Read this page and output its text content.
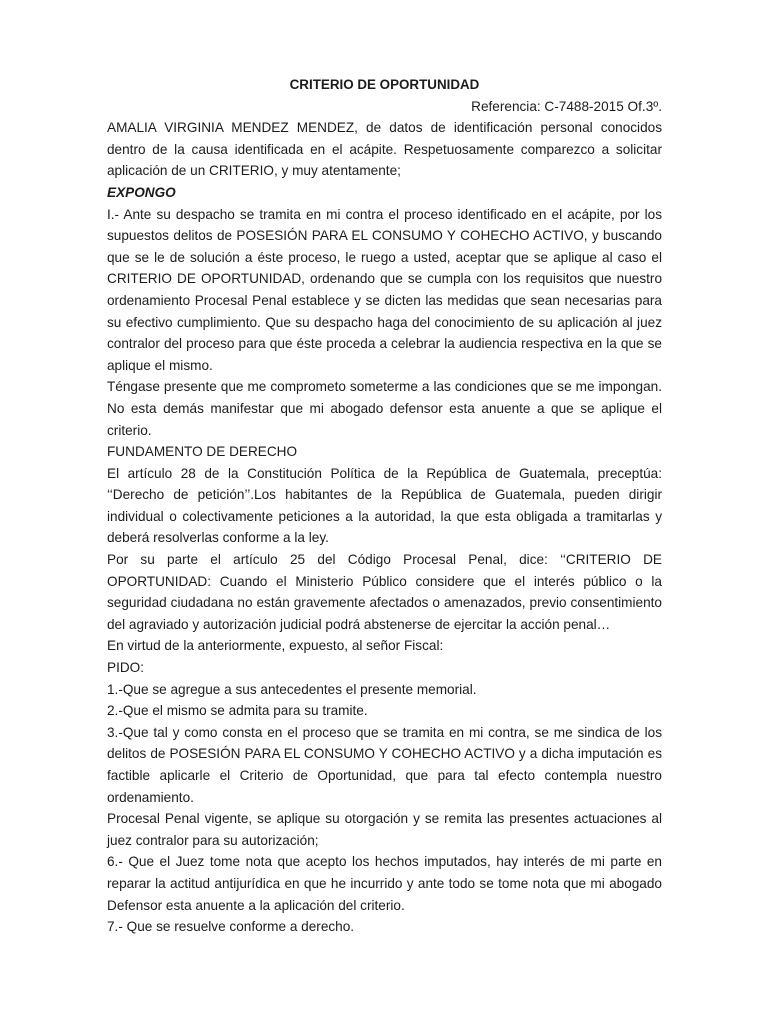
CRITERIO DE OPORTUNIDAD

Referencia: C-7488-2015 Of.3º.

AMALIA VIRGINIA MENDEZ MENDEZ, de datos de identificación personal conocidos dentro de la causa identificada en el acápite. Respetuosamente comparezco a solicitar aplicación de un CRITERIO, y muy atentamente;

EXPONGO

I.- Ante su despacho se tramita en mi contra el proceso identificado en el acápite, por los supuestos delitos de POSESIÓN PARA EL CONSUMO Y COHECHO ACTIVO, y buscando que se le de solución a éste proceso, le ruego a usted, aceptar que se aplique al caso el CRITERIO DE OPORTUNIDAD, ordenando que se cumpla con los requisitos que nuestro ordenamiento Procesal Penal establece y se dicten las medidas que sean necesarias para su efectivo cumplimiento. Que su despacho haga del conocimiento de su aplicación al juez contralor del proceso para que éste proceda a celebrar la audiencia respectiva en la que se aplique el mismo.

Téngase presente que me comprometo someterme a las condiciones que se me impongan. No esta demás manifestar que mi abogado defensor esta anuente a que se aplique el criterio.

FUNDAMENTO DE DERECHO

El artículo 28 de la Constitución Política de la República de Guatemala, preceptúa: ‘‘Derecho de petición’’.Los habitantes de la República de Guatemala, pueden dirigir individual o colectivamente peticiones a la autoridad, la que esta obligada a tramitarlas y deberá resolverlas conforme a la ley.

Por su parte el artículo 25 del Código Procesal Penal, dice: ‘‘CRITERIO DE OPORTUNIDAD: Cuando el Ministerio Público considere que el interés público o la seguridad ciudadana no están gravemente afectados o amenazados, previo consentimiento del agraviado y autorización judicial podrá abstenerse de ejercitar la acción penal…

En virtud de la anteriormente, expuesto, al señor Fiscal:

PIDO:

1.-Que se agregue a sus antecedentes el presente memorial.

2.-Que el mismo se admita para su tramite.

3.-Que tal y como consta en el proceso que se tramita en mi contra, se me sindica de los delitos de POSESIÓN PARA EL CONSUMO Y COHECHO ACTIVO y a dicha imputación es factible aplicarle el Criterio de Oportunidad, que para tal efecto contempla nuestro ordenamiento.

Procesal Penal vigente, se aplique su otorgación y se remita las presentes actuaciones al juez contralor para su autorización;

6.- Que el Juez tome nota que acepto los hechos imputados, hay interés de mi parte en reparar la actitud antijurídica en que he incurrido y ante todo se tome nota que mi abogado Defensor esta anuente a la aplicación del criterio.

7.- Que se resuelve conforme a derecho.
